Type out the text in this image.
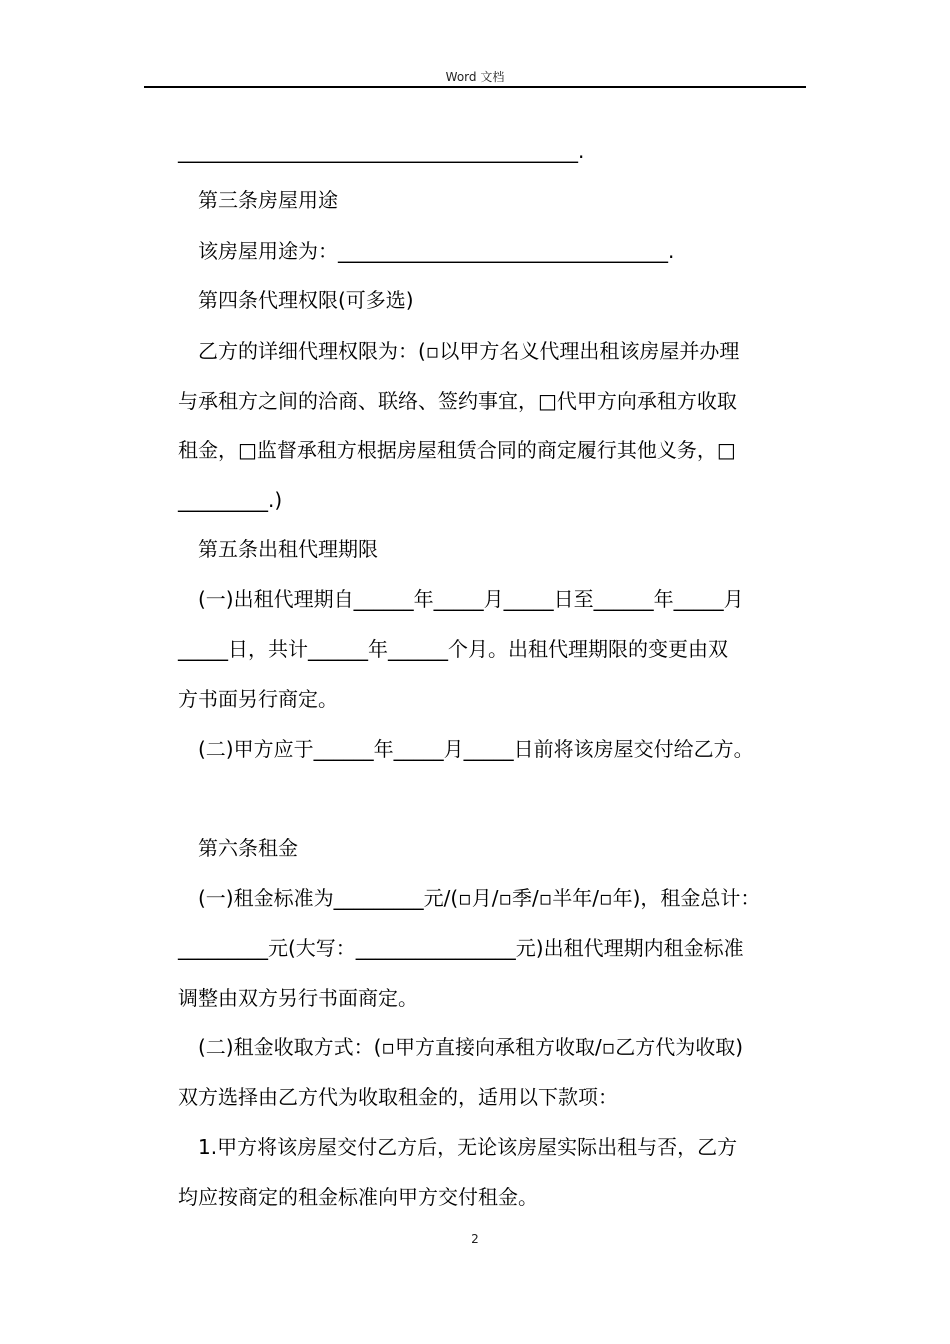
Word 文档
________________________________________.
　第三条房屋用途
　该房屋用途为：_________________________________.
　第四条代理权限(可多选)
　乙方的详细代理权限为：(▫以甲方名义代理出租该房屋并办理
与承租方之间的洽商、联络、签约事宜，□代甲方向承租方收取
租金，□监督承租方根据房屋租赁合同的商定履行其他义务，□
_________.)
　第五条出租代理期限
　(一)出租代理期自______年_____月_____日至______年_____月
_____日，共计______年______个月。出租代理期限的变更由双
方书面另行商定。
　(二)甲方应于______年_____月_____日前将该房屋交付给乙方。
　第六条租金
　(一)租金标准为_________元/(▫月/▫季/▫半年/▫年)，租金总计：
_________元(大写：________________元)出租代理期内租金标准
调整由双方另行书面商定。
　(二)租金收取方式：(▫甲方直接向承租方收取/▫乙方代为收取)
双方选择由乙方代为收取租金的，适用以下款项：
　1.甲方将该房屋交付乙方后，无论该房屋实际出租与否，乙方
均应按商定的租金标准向甲方交付租金。
2
